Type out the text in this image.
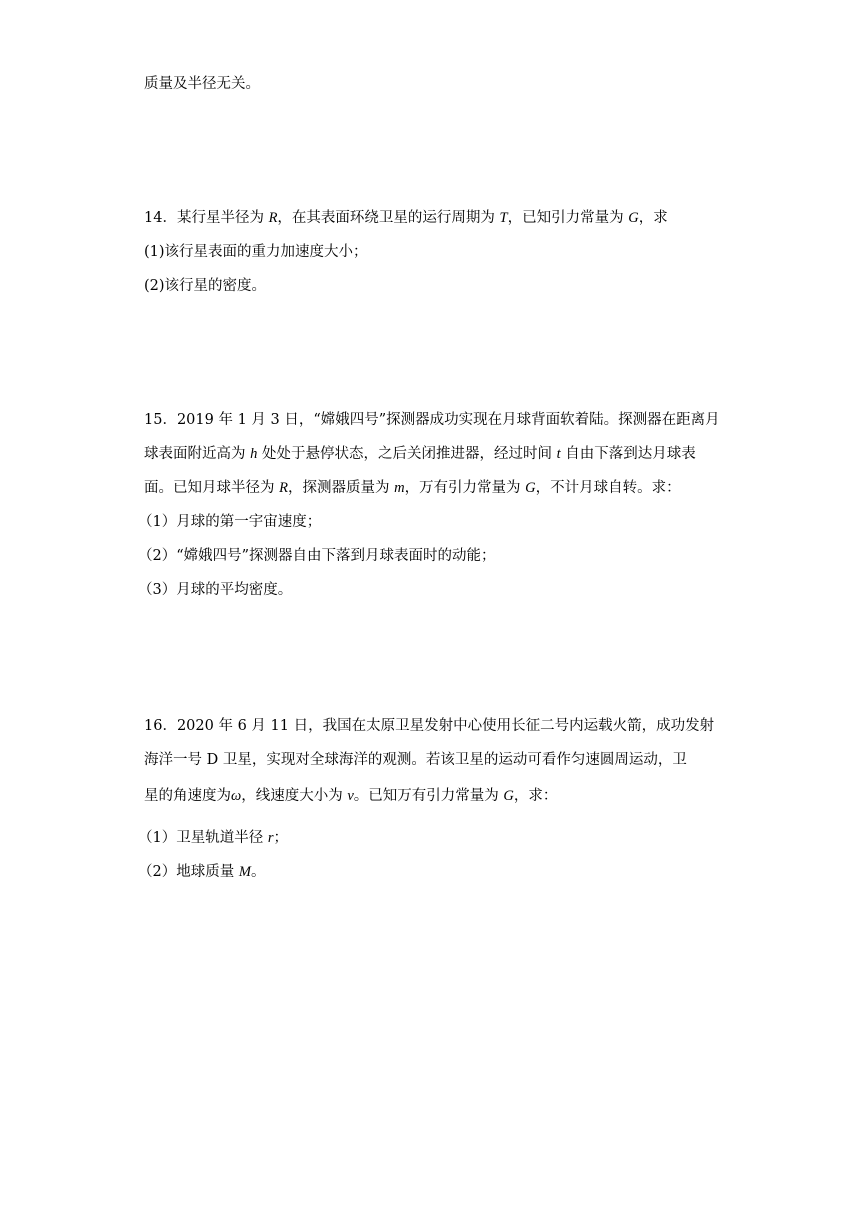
质量及半径无关。
14．某行星半径为 R，在其表面环绕卫星的运行周期为 T，已知引力常量为 G，求
(1)该行星表面的重力加速度大小；
(2)该行星的密度。
15．2019 年 1 月 3 日，“嫦娥四号”探测器成功实现在月球背面软着陆。探测器在距离月
球表面附近高为 h 处处于悬停状态，之后关闭推进器，经过时间 t 自由下落到达月球表
面。已知月球半径为 R，探测器质量为 m，万有引力常量为 G，不计月球自转。求：
（1）月球的第一宇宙速度；
（2）“嫦娥四号”探测器自由下落到月球表面时的动能；
（3）月球的平均密度。
16．2020 年 6 月 11 日，我国在太原卫星发射中心使用长征二号内运载火箭，成功发射
海洋一号 D 卫星，实现对全球海洋的观测。若该卫星的运动可看作匀速圆周运动，卫
星的角速度为ω，线速度大小为 v。已知万有引力常量为 G，求：
（1）卫星轨道半径 r；
（2）地球质量 M。
